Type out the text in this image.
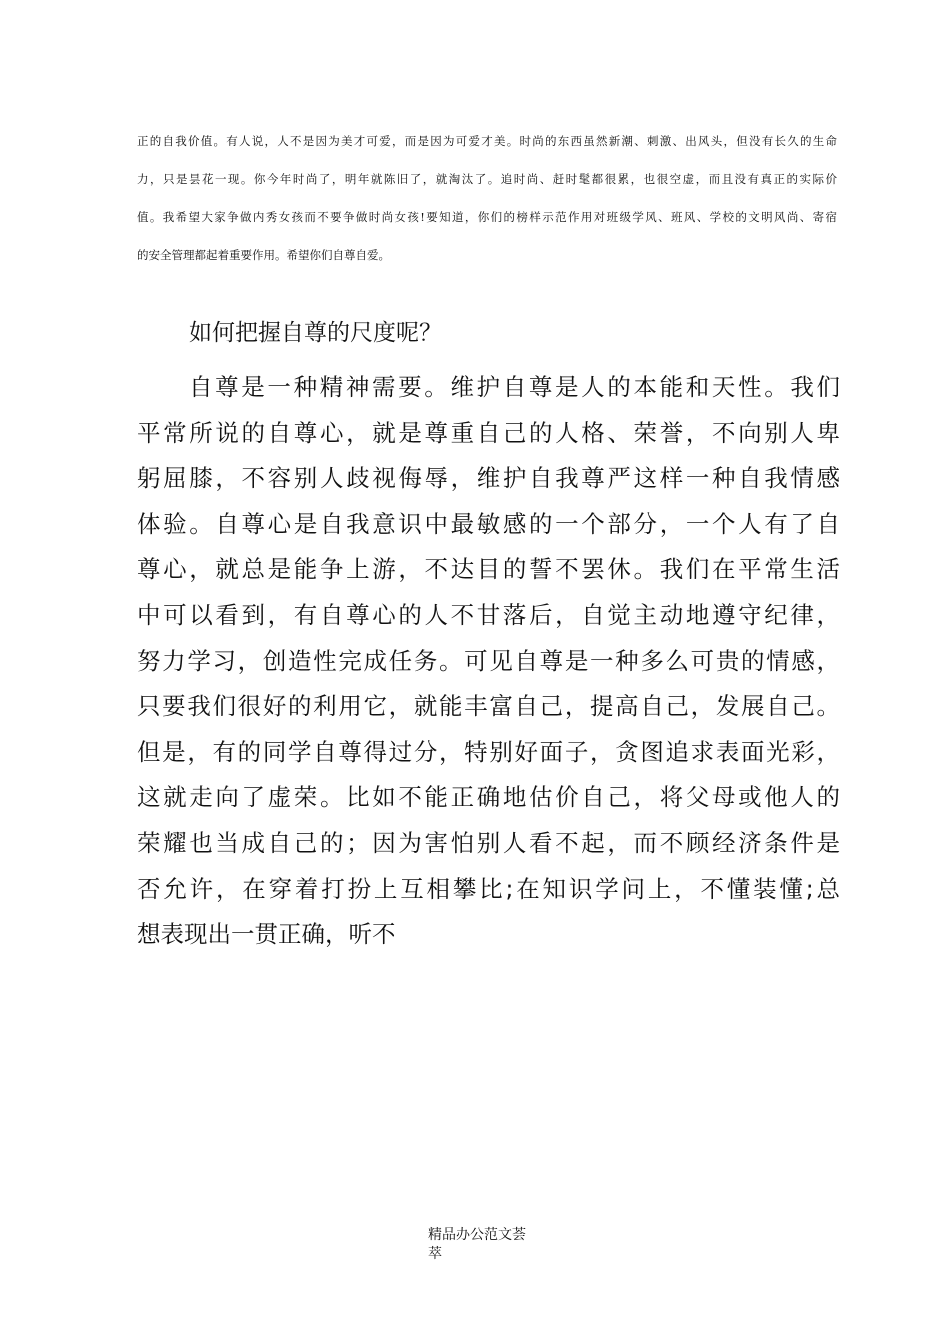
正的自我价值。有人说，人不是因为美才可爱，而是因为可爱才美。时尚的东西虽然新潮、刺激、出风头，但没有长久的生命
力，只是昙花一现。你今年时尚了，明年就陈旧了，就淘汰了。追时尚、赶时髦都很累，也很空虚，而且没有真正的实际价
值。我希望大家争做内秀女孩而不要争做时尚女孩!要知道，你们的榜样示范作用对班级学风、班风、学校的文明风尚、寄宿
的安全管理都起着重要作用。希望你们自尊自爱。

如何把握自尊的尺度呢？

自尊是一种精神需要。维护自尊是人的本能和天性。我们
平常所说的自尊心，就是尊重自己的人格、荣誉，不向别人卑
躬屈膝，不容别人歧视侮辱，维护自我尊严这样一种自我情感
体验。自尊心是自我意识中最敏感的一个部分，一个人有了自
尊心，就总是能争上游，不达目的誓不罢休。我们在平常生活
中可以看到，有自尊心的人不甘落后，自觉主动地遵守纪律，
努力学习，创造性完成任务。可见自尊是一种多么可贵的情感，
只要我们很好的利用它，就能丰富自己，提高自己，发展自己。
但是，有的同学自尊得过分，特别好面子，贪图追求表面光彩，
这就走向了虚荣。比如不能正确地估价自己，将父母或他人的
荣耀也当成自己的；因为害怕别人看不起，而不顾经济条件是
否允许，在穿着打扮上互相攀比;在知识学问上，不懂装懂;总
想表现出一贯正确，听不

精品办公范文荟
萃
